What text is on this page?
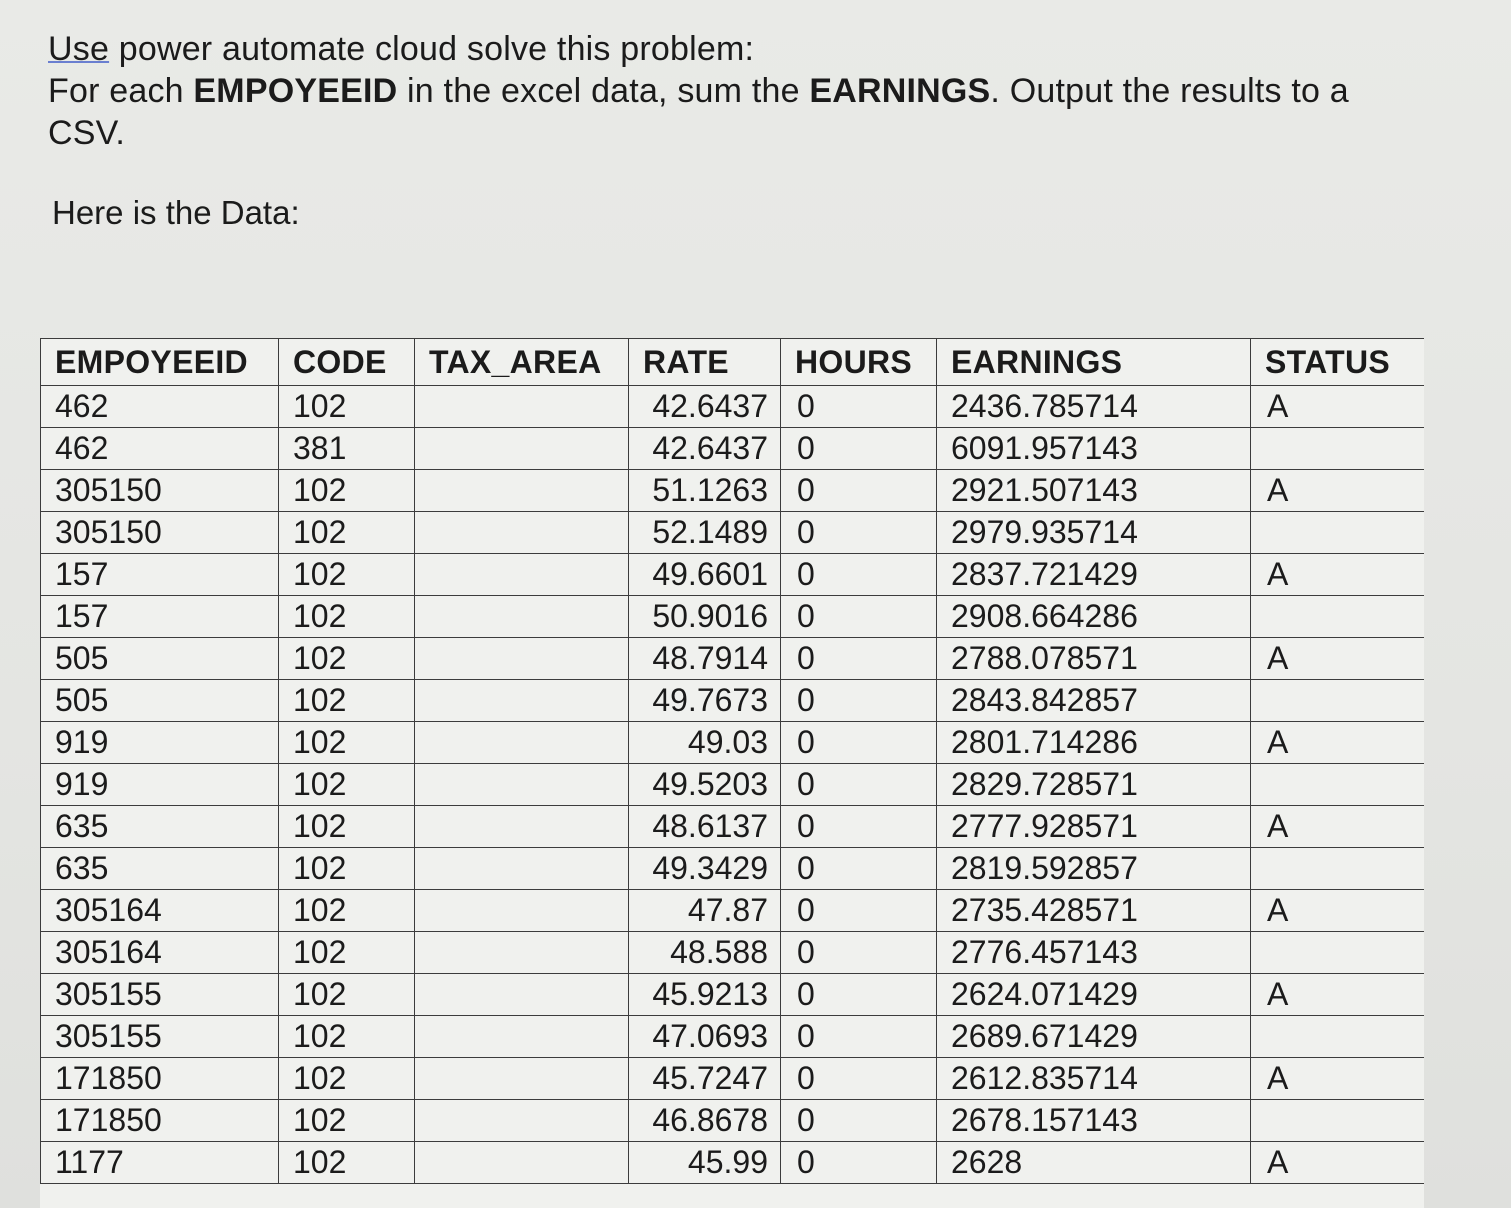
Use power automate cloud solve this problem:
For each EMPOYEEID in the excel data, sum the EARNINGS. Output the results to a
CSV.
Here is the Data:
EMPOYEEID	CODE	TAX_AREA	RATE	HOURS	EARNINGS	STATUS
462	102		42.6437	0	2436.785714	A
462	381		42.6437	0	6091.957143	
305150	102		51.1263	0	2921.507143	A
305150	102		52.1489	0	2979.935714	
157	102		49.6601	0	2837.721429	A
157	102		50.9016	0	2908.664286	
505	102		48.7914	0	2788.078571	A
505	102		49.7673	0	2843.842857	
919	102		49.03	0	2801.714286	A
919	102		49.5203	0	2829.728571	
635	102		48.6137	0	2777.928571	A
635	102		49.3429	0	2819.592857	
305164	102		47.87	0	2735.428571	A
305164	102		48.588	0	2776.457143	
305155	102		45.9213	0	2624.071429	A
305155	102		47.0693	0	2689.671429	
171850	102		45.7247	0	2612.835714	A
171850	102		46.8678	0	2678.157143	
1177	102		45.99	0	2628	A
